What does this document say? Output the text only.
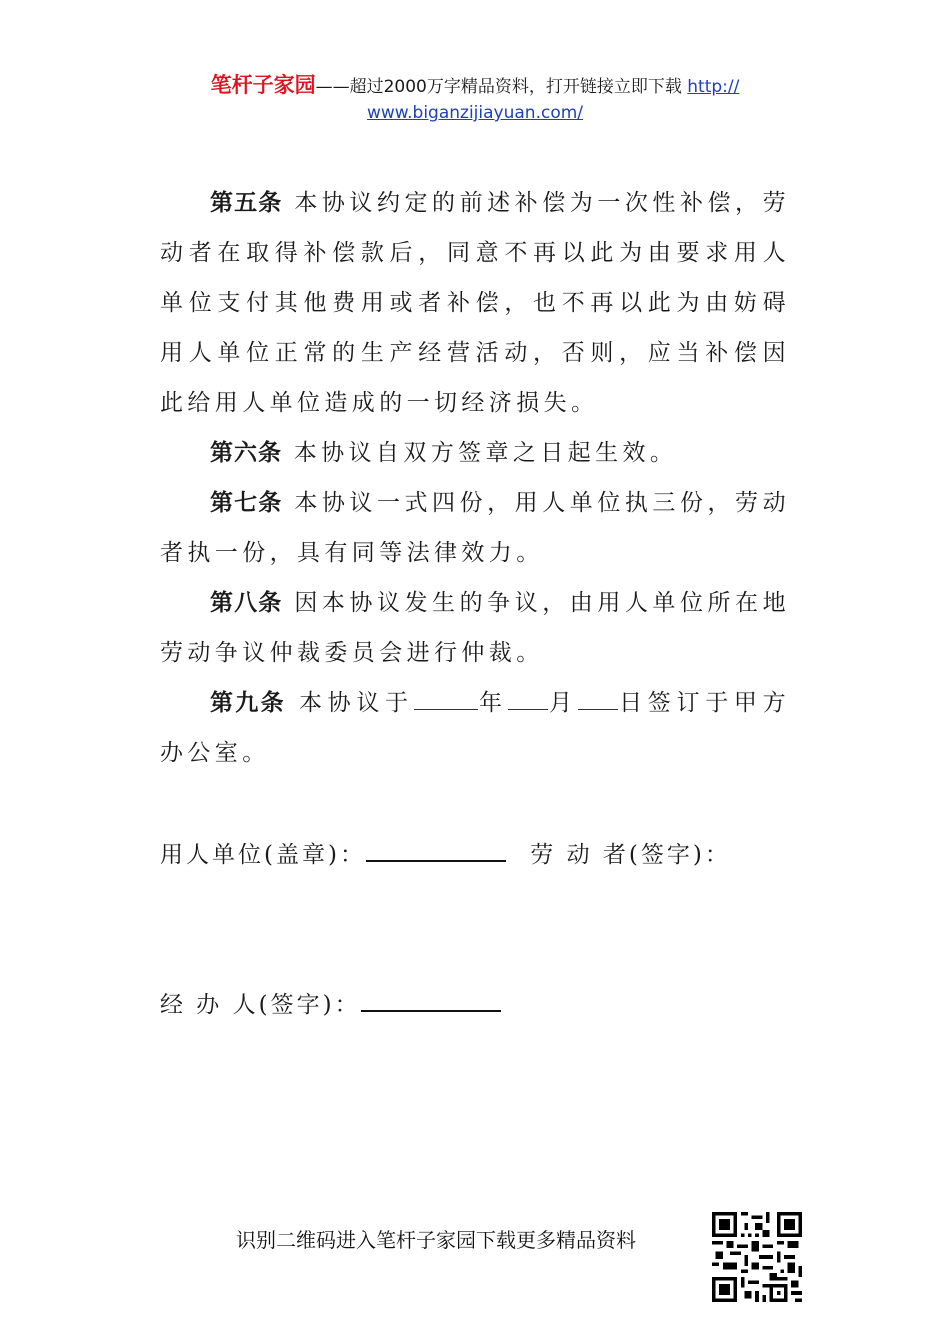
笔杆子家园——超过2000万字精品资料，打开链接立即下载 http://
www.biganzijiayuan.com/

第五条 本协议约定的前述补偿为一次性补偿，劳动者在取得补偿款后，同意不再以此为由要求用人单位支付其他费用或者补偿，也不再以此为由妨碍用人单位正常的生产经营活动，否则，应当补偿因此给用人单位造成的一切经济损失。

第六条 本协议自双方签章之日起生效。

第七条 本协议一式四份，用人单位执三份，劳动者执一份，具有同等法律效力。

第八条 因本协议发生的争议，由用人单位所在地劳动争议仲裁委员会进行仲裁。

第九条 本协议于	年 月 日签订于甲方办公室。

用人单位(盖章)：	劳 动 者(签字)：
经 办 人(签字)：
识别二维码进入笔杆子家园下载更多精品资料
